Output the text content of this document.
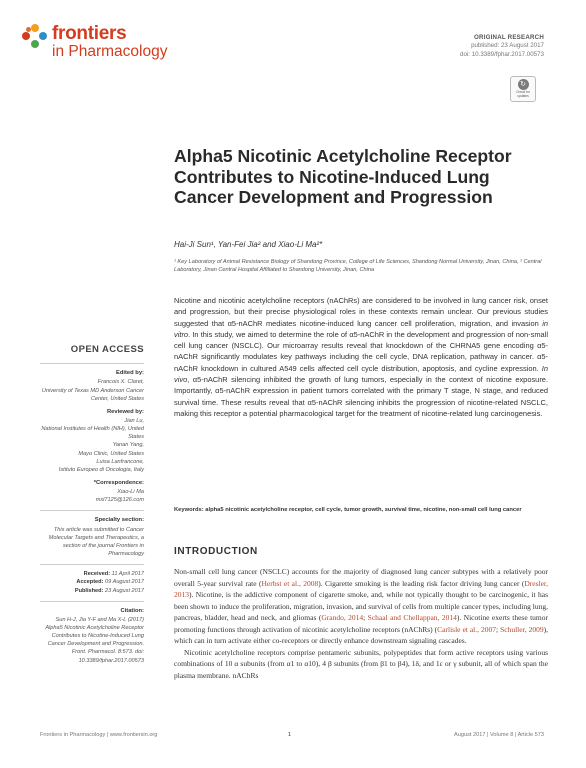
frontiers
in Pharmacology
ORIGINAL RESEARCH
published: 23 August 2017
doi: 10.3389/fphar.2017.00573
↻
Check for updates
Alpha5 Nicotinic Acetylcholine Receptor Contributes to Nicotine-Induced Lung Cancer Development and Progression
Hai-Ji Sun¹, Yan-Fei Jia² and Xiao-Li Ma²*
¹ Key Laboratory of Animal Resistance Biology of Shandong Province, College of Life Sciences, Shandong Normal University, Jinan, China, ² Central Laboratory, Jinan Central Hospital Affiliated to Shandong University, Jinan, China
Nicotine and nicotinic acetylcholine receptors (nAChRs) are considered to be involved in lung cancer risk, onset and progression, but their precise physiological roles in these contexts remain unclear. Our previous studies suggested that α5-nAChR mediates nicotine-induced lung cancer cell proliferation, migration, and invasion in vitro. In this study, we aimed to determine the role of α5-nAChR in the development and progression of non-small cell lung cancer (NSCLC). Our microarray results reveal that knockdown of the CHRNA5 gene encoding α5-nAChR significantly modulates key pathways including the cell cycle, DNA replication, pathway in cancer. α5-nAChR knockdown in cultured A549 cells affected cell cycle distribution, apoptosis, and cycline expression. In vivo, α5-nAChR silencing inhibited the growth of lung tumors, especially in the context of nicotine exposure. Importantly, α5-nAChR expression in patient tumors correlated with the primary T stage, N stage, and reduced survival time. These results reveal that α5-nAChR silencing inhibits the progression of nicotine-related NSCLC, making this receptor a potential pharmacological target for the treatment of nicotine-related lung carcinogenesis.
Keywords: alpha5 nicotinic acetylcholine receptor, cell cycle, tumor growth, survival time, nicotine, non-small cell lung cancer
OPEN ACCESS
Edited by:
Francois X. Claret,
University of Texas MD Anderson Cancer Center, United States
Reviewed by:
Jian Lu,
National Institutes of Health (NIH), United States
Yanan Yang,
Mayo Clinic, United States
Luisa Lanfrancone,
Istituto Europeo di Oncologia, Italy
*Correspondence:
Xiao-Li Ma
mxl7125@126.com
Specialty section:
This article was submitted to Cancer Molecular Targets and Therapeutics, a section of the journal Frontiers in Pharmacology
Received: 11 April 2017
Accepted: 09 August 2017
Published: 23 August 2017
Citation:
Sun H-J, Jia Y-F and Ma X-L (2017) Alpha5 Nicotinic Acetylcholine Receptor Contributes to Nicotine-Induced Lung Cancer Development and Progression. Front. Pharmacol. 8:573. doi: 10.3389/fphar.2017.00573
INTRODUCTION

Non-small cell lung cancer (NSCLC) accounts for the majority of diagnosed lung cancer subtypes with a relatively poor overall 5-year survival rate (Herbst et al., 2008). Cigarette smoking is the leading risk factor driving lung cancer (Dresler, 2013). Nicotine, is the addictive component of cigarette smoke, and, while not typically thought to be carcinogenic, it has been shown to induce the proliferation, migration, invasion, and survival of cells from multiple cancer types, including lung, pancreas, bladder, head and neck, and gliomas (Grando, 2014; Schaal and Chellappan, 2014). Nicotine exerts these tumor promoting functions through activation of nicotinic acetylcholine receptors (nAChRs) (Carlisle et al., 2007; Schuller, 2009), which can in turn activate either co-receptors or directly enhance downstream signaling cascades.

Nicotinic acetylcholine receptors comprise pentameric subunits, polypeptides that form active receptors using various combinations of 10 α subunits (from α1 to α10), 4 β subunits (from β1 to β4), 1δ, and 1ε or γ subunit, all of which span the plasma membrane. nAChRs

Frontiers in Pharmacology | www.frontiersin.org	1	August 2017 | Volume 8 | Article 573
